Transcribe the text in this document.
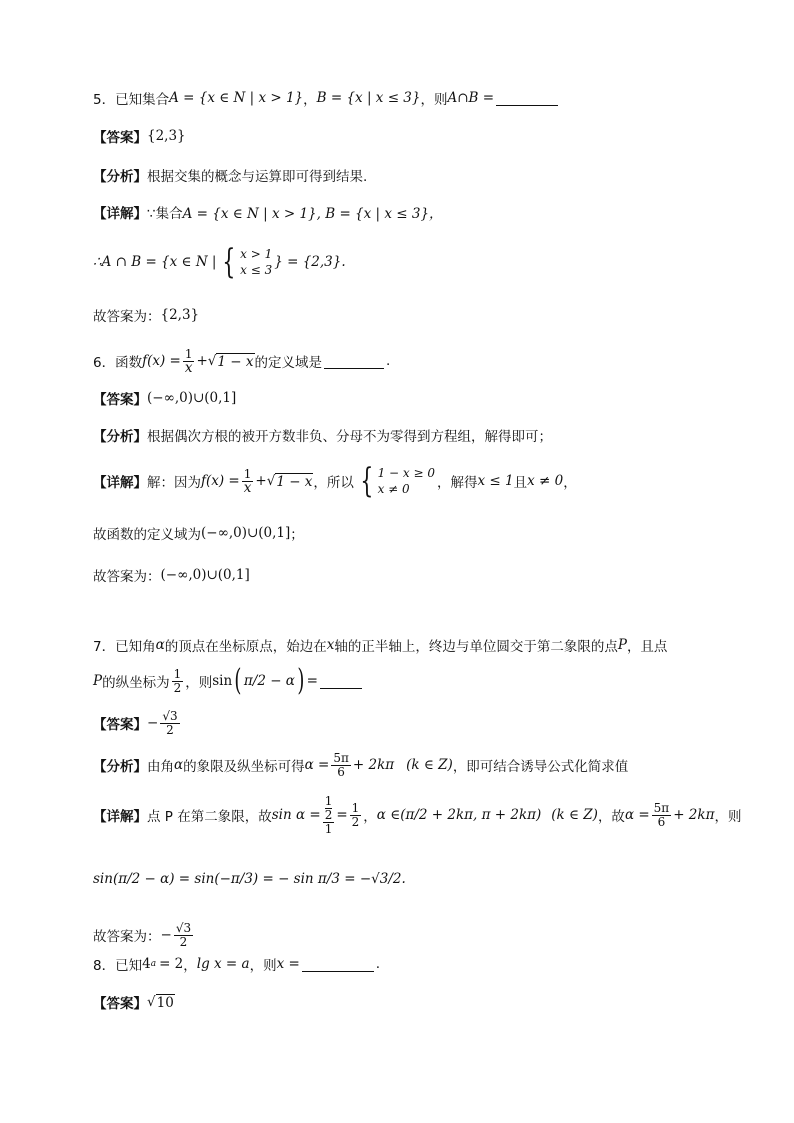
5． 已知集合 A = {x ∈ N | x > 1} ， B = {x | x ≤ 3} ，则 A∩B =
【答案】 {2,3}
【分析】 根据交集的概念与运算即可得到结果.
【详解】 ∵集合 A = {x ∈ N | x > 1}, B = {x | x ≤ 3}，
∴A ∩ B = {x ∈ N | { x > 1
x ≤ 3 } = {2,3}.
故答案为： {2,3}
6． 函数 $f(x) = \frac{1}{x}$ + √ 1 − x 的定义域是	.
【答案】 (−∞,0)∪(0,1]
【分析】 根据偶次方根的被开方数非负、分母不为零得到方程组，解得即可；
【详解】 解：因为 $f(x) = \frac{1}{x}$ + √ 1 − x ，所以 { 1 − x ≥ 0
x ≠ 0	，解得 x ≤ 1 且 x ≠ 0 ，
故函数的定义域为 (−∞,0)∪(0,1] ；
故答案为： (−∞,0)∪(0,1]
7． 已知角 α 的顶点在坐标原点，始边在 x 轴的正半轴上，终边与单位圆交于第二象限的点 P ，且点
P 的纵坐标为 $\frac{1}{2}$ ，则 sin ( π/2 − α ) =
【答案】 − $\frac{√3}{2}$
【分析】 由角 α 的象限及纵坐标可得 $\alpha = \frac{5\pi}{6} + 2k\pi$ (k ∈ Z) ，即可结合诱导公式化简求值
【详解】 点 P 在第二象限，故 $\sin \alpha = \frac{\frac{1}{2}}{1} = \frac{1}{2}$ ， α ∈ (π/2 + 2kπ, π + 2kπ) (k ∈ Z) ，故 $\alpha = \frac{5\pi}{6} + 2k\pi$ ，则
sin(π/2 − α) = sin(−π/3) = − sin π/3 = −√3/2.
故答案为： − $\frac{√3}{2}$
8． 已知 4 a = 2 ， lg x = a ，则 x =	.
【答案】 √ 10
